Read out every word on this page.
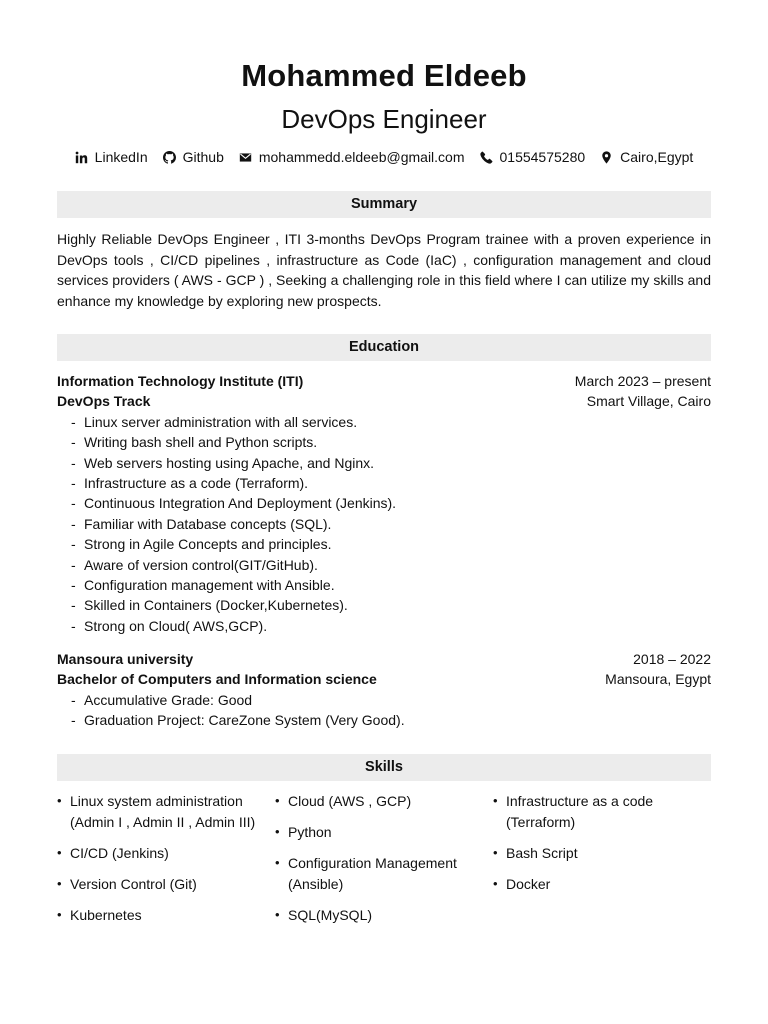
Mohammed Eldeeb
DevOps Engineer
LinkedIn	Github	mohammedd.eldeeb@gmail.com	01554575280	Cairo,Egypt
Summary
Highly Reliable DevOps Engineer , ITI 3-months DevOps Program trainee with a proven experience in DevOps tools , CI/CD pipelines , infrastructure as Code (IaC) , configuration management and cloud services providers ( AWS - GCP ) , Seeking a challenging role in this field where I can utilize my skills and enhance my knowledge by exploring new prospects.
Education
Information Technology Institute (ITI)	March 2023 – present
DevOps Track	Smart Village, Cairo
- Linux server administration with all services.
- Writing bash shell and Python scripts.
- Web servers hosting using Apache, and Nginx.
- Infrastructure as a code (Terraform).
- Continuous Integration And Deployment (Jenkins).
- Familiar with Database concepts (SQL).
- Strong in Agile Concepts and principles.
- Aware of version control(GIT/GitHub).
- Configuration management with Ansible.
- Skilled in Containers (Docker,Kubernetes).
- Strong on Cloud( AWS,GCP).
Mansoura university	2018 – 2022
Bachelor of Computers and Information science	Mansoura, Egypt
- Accumulative Grade: Good
- Graduation Project: CareZone System (Very Good).
Skills
• Linux system administration (Admin I , Admin II , Admin III)
• CI/CD (Jenkins)
• Version Control (Git)
• Kubernetes
• Cloud (AWS , GCP)
• Python
• Configuration Management (Ansible)
• SQL(MySQL)
• Infrastructure as a code (Terraform)
• Bash Script
• Docker
